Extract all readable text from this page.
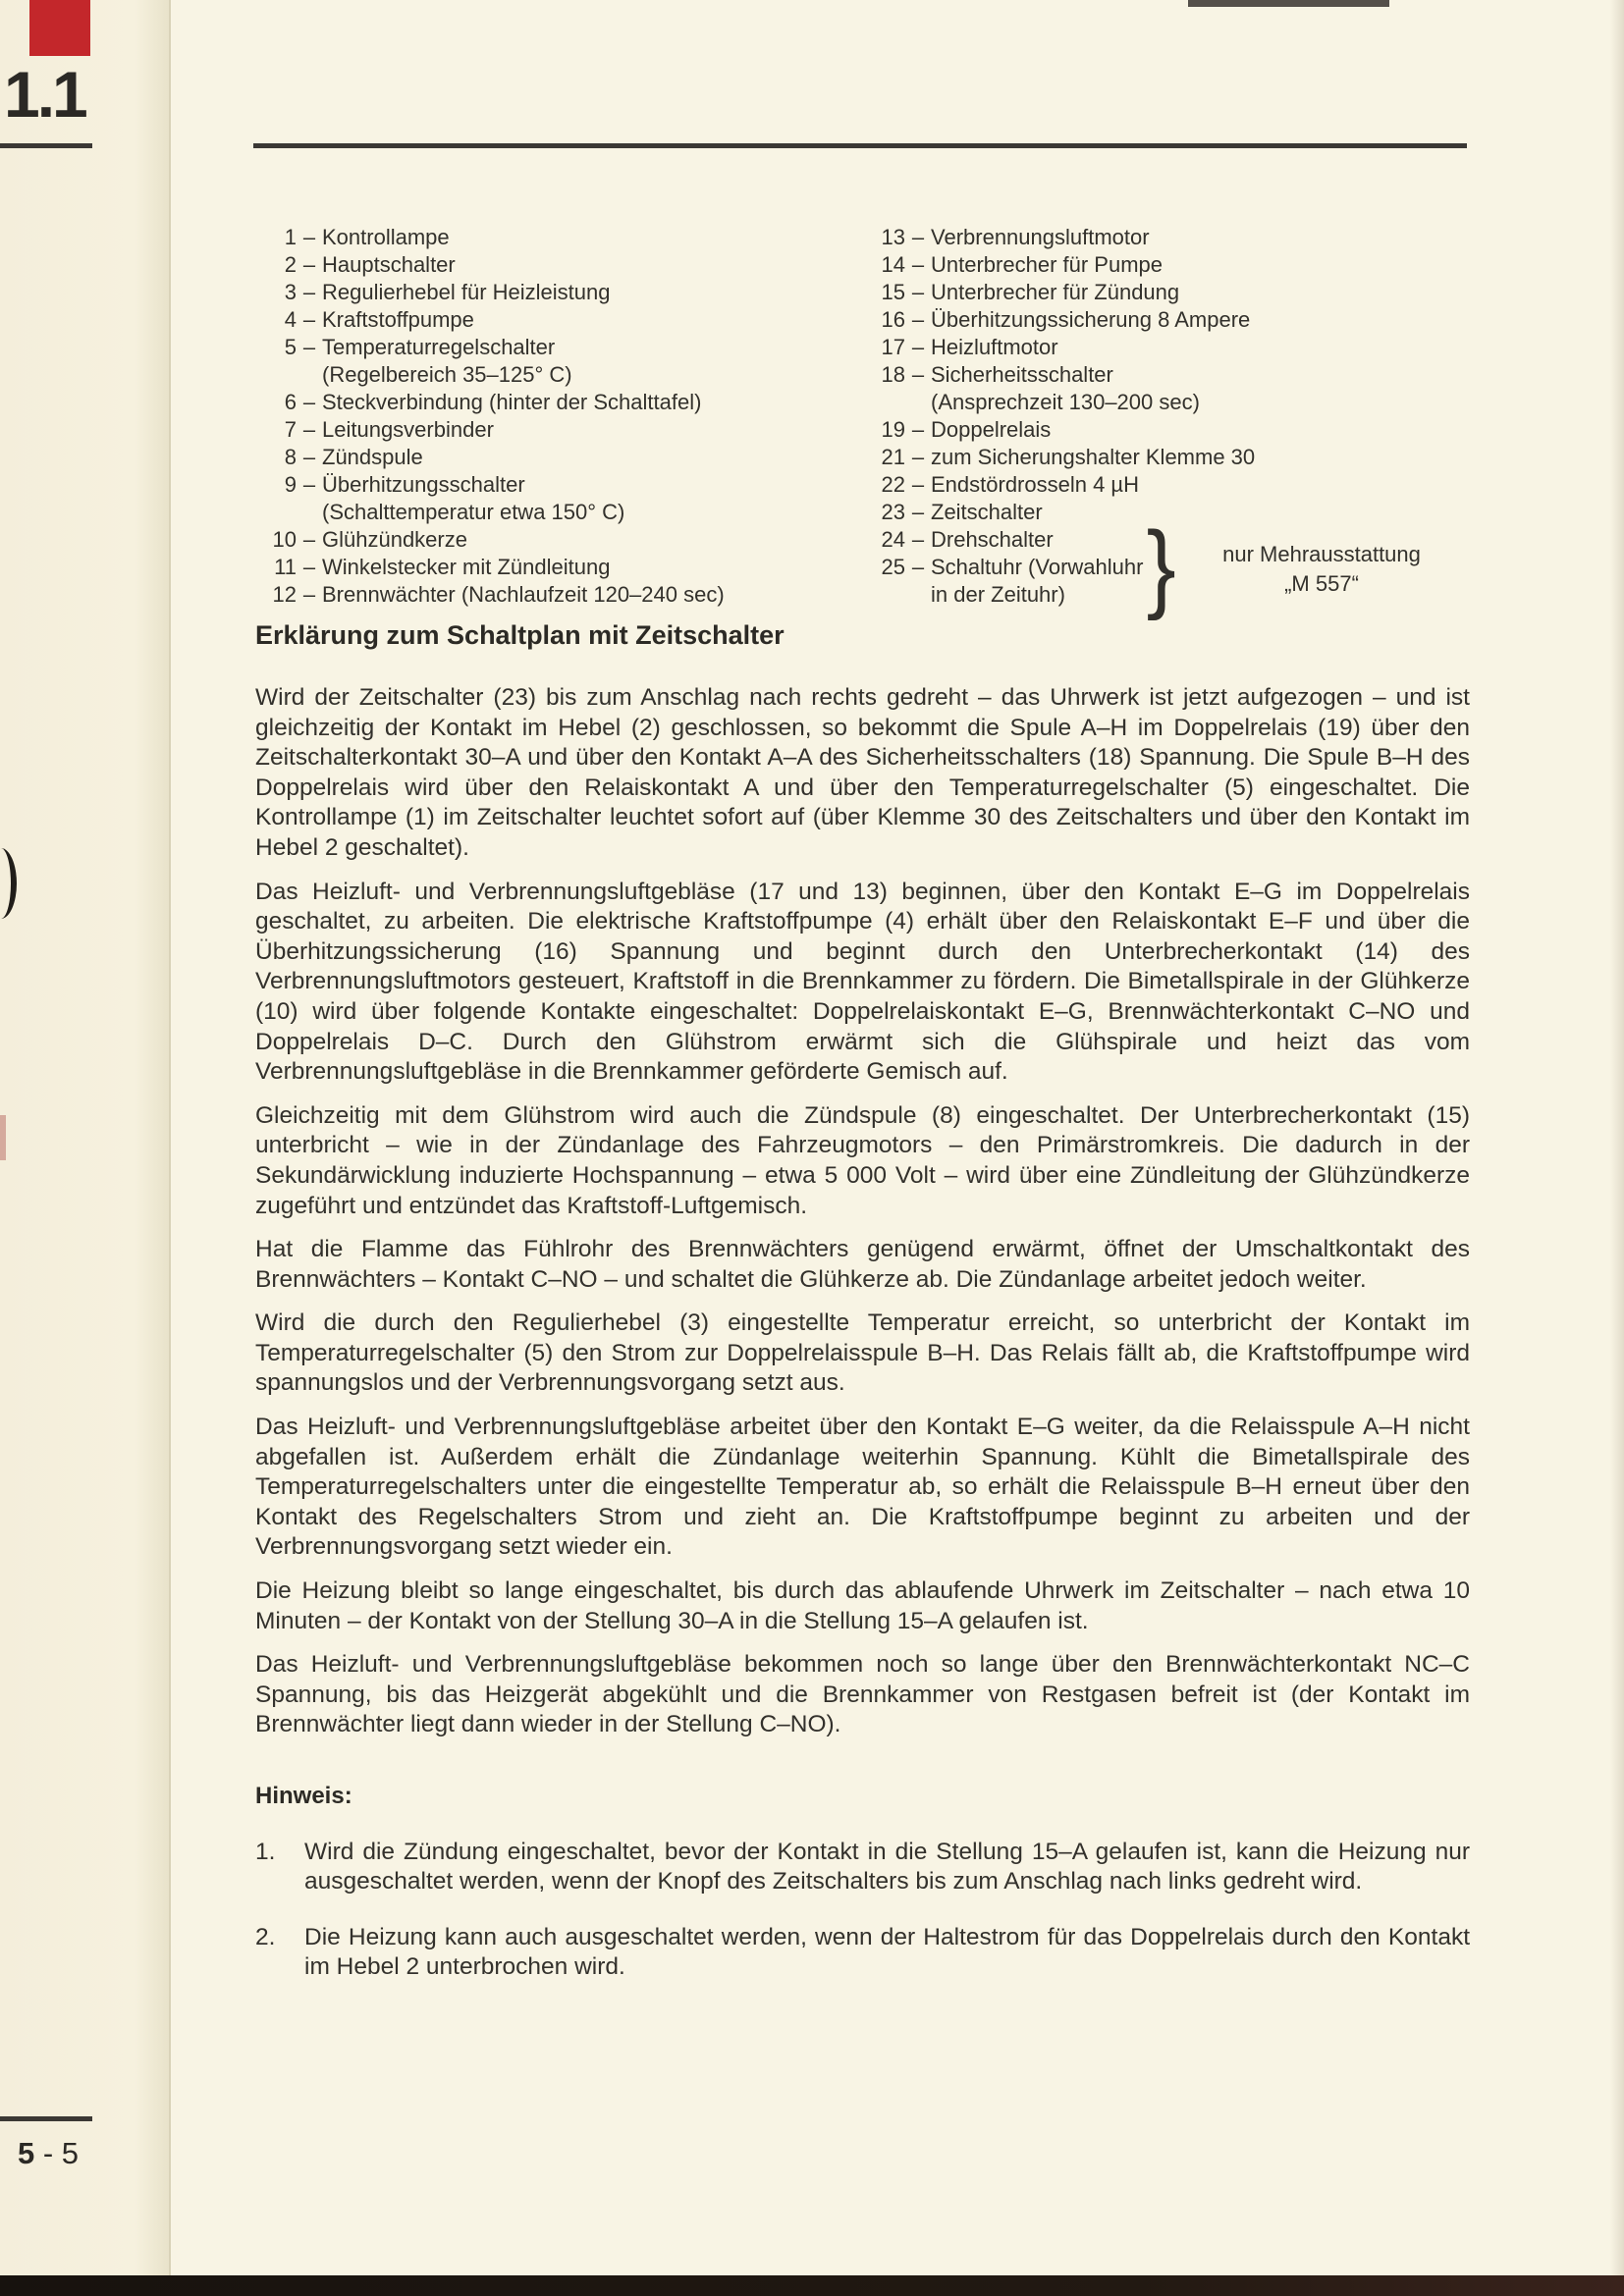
1.1
1 – Kontrollampe
2 – Hauptschalter
3 – Regulierhebel für Heizleistung
4 – Kraftstoffpumpe
5 – Temperaturregelschalter
(Regelbereich 35–125° C)
6 – Steckverbindung (hinter der Schalttafel)
7 – Leitungsverbinder
8 – Zündspule
9 – Überhitzungsschalter
(Schalttemperatur etwa 150° C)
10 – Glühzündkerze
11 – Winkelstecker mit Zündleitung
12 – Brennwächter (Nachlaufzeit 120–240 sec)	}	nur Mehrausstattung
„M 557“
13 – Verbrennungsluftmotor
14 – Unterbrecher für Pumpe
15 – Unterbrecher für Zündung
16 – Überhitzungssicherung 8 Ampere
17 – Heizluftmotor
18 – Sicherheitsschalter
(Ansprechzeit 130–200 sec)
19 – Doppelrelais
21 – zum Sicherungshalter Klemme 30
22 – Endstördrosseln 4 µH
23 – Zeitschalter
24 – Drehschalter
25 – Schaltuhr (Vorwahluhr
in der Zeituhr)
Erklärung zum Schaltplan mit Zeitschalter

Wird der Zeitschalter (23) bis zum Anschlag nach rechts gedreht – das Uhrwerk ist jetzt aufgezogen – und ist gleichzeitig der Kontakt im Hebel (2) geschlossen, so bekommt die Spule A–H im Doppelrelais (19) über den Zeitschalterkontakt 30–A und über den Kontakt A–A des Sicherheitsschalters (18) Spannung. Die Spule B–H des Doppelrelais wird über den Relaiskontakt A und über den Temperaturregelschalter (5) eingeschaltet. Die Kontrollampe (1) im Zeitschalter leuchtet sofort auf (über Klemme 30 des Zeitschalters und über den Kontakt im Hebel 2 geschaltet).

Das Heizluft- und Verbrennungsluftgebläse (17 und 13) beginnen, über den Kontakt E–G im Doppelrelais geschaltet, zu arbeiten. Die elektrische Kraftstoffpumpe (4) erhält über den Relaiskontakt E–F und über die Überhitzungssicherung (16) Spannung und beginnt durch den Unterbrecherkontakt (14) des Verbrennungsluftmotors gesteuert, Kraftstoff in die Brennkammer zu fördern. Die Bimetallspirale in der Glühkerze (10) wird über folgende Kontakte eingeschaltet: Doppelrelaiskontakt E–G, Brennwächterkontakt C–NO und Doppelrelais D–C. Durch den Glühstrom erwärmt sich die Glühspirale und heizt das vom Verbrennungsluftgebläse in die Brennkammer geförderte Gemisch auf.

Gleichzeitig mit dem Glühstrom wird auch die Zündspule (8) eingeschaltet. Der Unterbrecherkontakt (15) unterbricht – wie in der Zündanlage des Fahrzeugmotors – den Primärstromkreis. Die dadurch in der Sekundärwicklung induzierte Hochspannung – etwa 5 000 Volt – wird über eine Zündleitung der Glühzündkerze zugeführt und entzündet das Kraftstoff-Luftgemisch.

Hat die Flamme das Fühlrohr des Brennwächters genügend erwärmt, öffnet der Umschaltkontakt des Brennwächters – Kontakt C–NO – und schaltet die Glühkerze ab. Die Zündanlage arbeitet jedoch weiter.

Wird die durch den Regulierhebel (3) eingestellte Temperatur erreicht, so unterbricht der Kontakt im Temperaturregelschalter (5) den Strom zur Doppelrelaisspule B–H. Das Relais fällt ab, die Kraftstoffpumpe wird spannungslos und der Verbrennungsvorgang setzt aus.

Das Heizluft- und Verbrennungsluftgebläse arbeitet über den Kontakt E–G weiter, da die Relaisspule A–H nicht abgefallen ist. Außerdem erhält die Zündanlage weiterhin Spannung. Kühlt die Bimetallspirale des Temperaturregelschalters unter die eingestellte Temperatur ab, so erhält die Relaisspule B–H erneut über den Kontakt des Regelschalters Strom und zieht an. Die Kraftstoffpumpe beginnt zu arbeiten und der Verbrennungsvorgang setzt wieder ein.

Die Heizung bleibt so lange eingeschaltet, bis durch das ablaufende Uhrwerk im Zeitschalter – nach etwa 10 Minuten – der Kontakt von der Stellung 30–A in die Stellung 15–A gelaufen ist.

Das Heizluft- und Verbrennungsluftgebläse bekommen noch so lange über den Brennwächterkontakt NC–C Spannung, bis das Heizgerät abgekühlt und die Brennkammer von Restgasen befreit ist (der Kontakt im Brennwächter liegt dann wieder in der Stellung C–NO).

Hinweis:
1.	Wird die Zündung eingeschaltet, bevor der Kontakt in die Stellung 15–A gelaufen ist, kann die Heizung nur ausgeschaltet werden, wenn der Knopf des Zeitschalters bis zum Anschlag nach links gedreht wird.
2.	Die Heizung kann auch ausgeschaltet werden, wenn der Haltestrom für das Doppelrelais durch den Kontakt im Hebel 2 unterbrochen wird.
5 - 5
